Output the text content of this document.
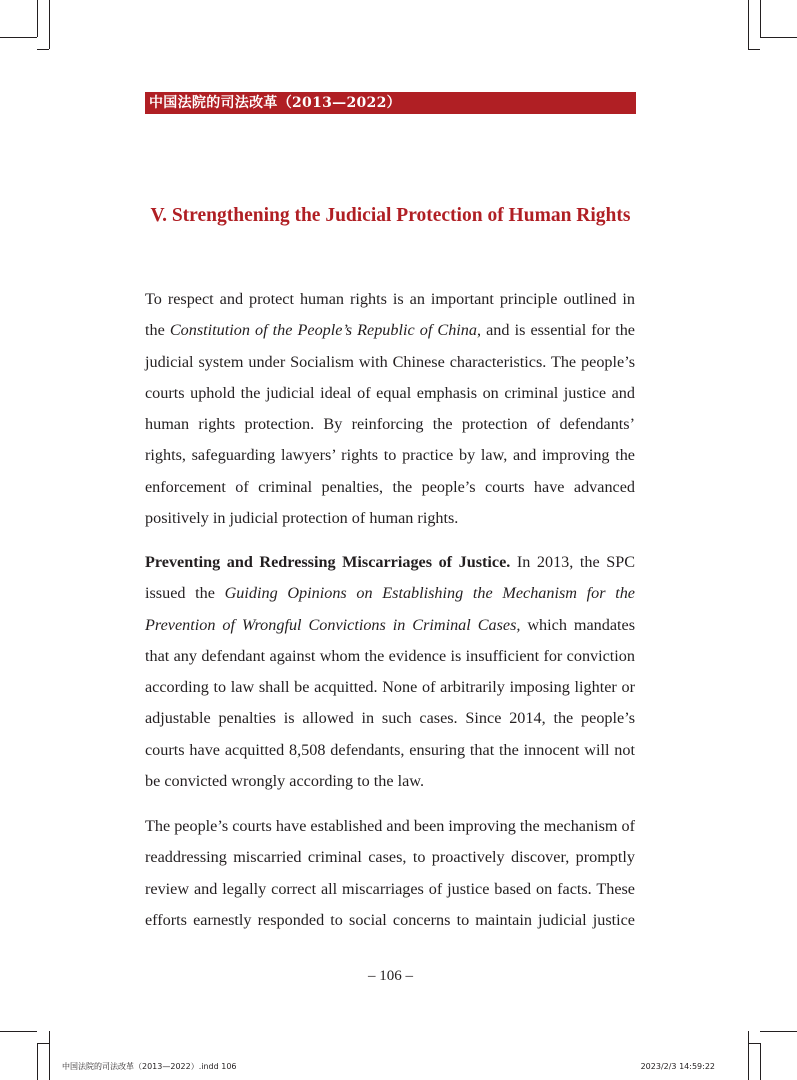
中国法院的司法改革（2013—2022）
V. Strengthening the Judicial Protection of Human Rights

To respect and protect human rights is an important principle outlined in the Constitution of the People’s Republic of China, and is essential for the judicial system under Socialism with Chinese characteristics. The people’s courts uphold the judicial ideal of equal emphasis on criminal justice and human rights protection. By reinforcing the protection of defendants’ rights, safeguarding lawyers’ rights to practice by law, and improving the enforcement of criminal penalties, the people’s courts have advanced positively in judicial protection of human rights.

Preventing and Redressing Miscarriages of Justice. In 2013, the SPC issued the Guiding Opinions on Establishing the Mechanism for the Prevention of Wrongful Convictions in Criminal Cases, which mandates that any defendant against whom the evidence is insufficient for conviction according to law shall be acquitted. None of arbitrarily imposing lighter or adjustable penalties is allowed in such cases. Since 2014, the people’s courts have acquitted 8,508 defendants, ensuring that the innocent will not be convicted wrongly according to the law.

The people’s courts have established and been improving the mechanism of readdressing miscarried criminal cases, to proactively discover, promptly review and legally correct all miscarriages of justice based on facts. These efforts earnestly responded to social concerns to maintain judicial justice

– 106 –
中国法院的司法改革（2013—2022）.indd 106	2023/2/3 14:59:22
